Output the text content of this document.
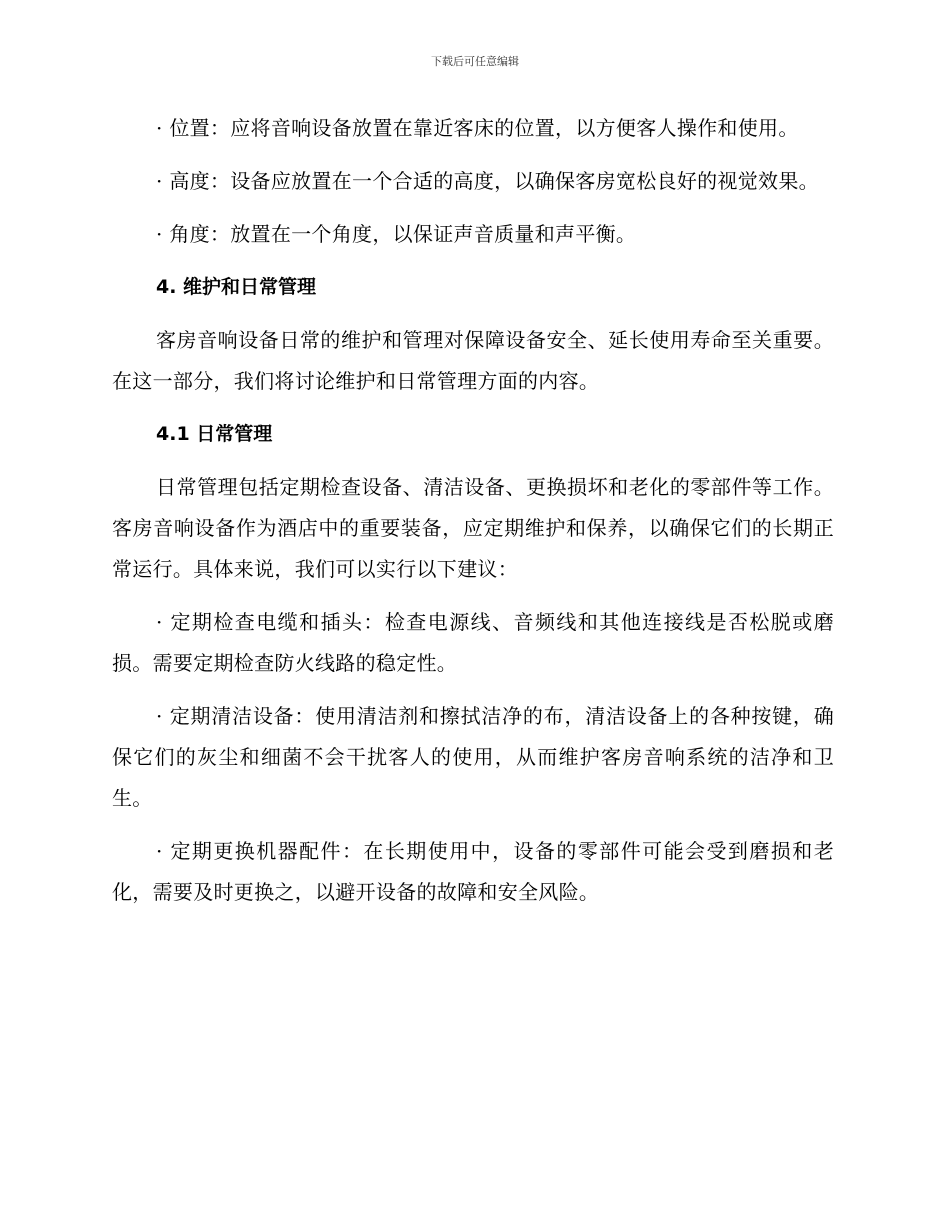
下载后可任意编辑

· 位置：应将音响设备放置在靠近客床的位置，以方便客人操作和使用。

· 高度：设备应放置在一个合适的高度，以确保客房宽松良好的视觉效果。

· 角度：放置在一个角度，以保证声音质量和声平衡。

4. 维护和日常管理

客房音响设备日常的维护和管理对保障设备安全、延长使用寿命至关重要。在这一部分，我们将讨论维护和日常管理方面的内容。

4.1 日常管理

日常管理包括定期检查设备、清洁设备、更换损坏和老化的零部件等工作。客房音响设备作为酒店中的重要装备，应定期维护和保养，以确保它们的长期正常运行。具体来说，我们可以实行以下建议：

· 定期检查电缆和插头：检查电源线、音频线和其他连接线是否松脱或磨损。需要定期检查防火线路的稳定性。

· 定期清洁设备：使用清洁剂和擦拭洁净的布，清洁设备上的各种按键，确保它们的灰尘和细菌不会干扰客人的使用，从而维护客房音响系统的洁净和卫生。

· 定期更换机器配件：在长期使用中，设备的零部件可能会受到磨损和老化，需要及时更换之，以避开设备的故障和安全风险。
